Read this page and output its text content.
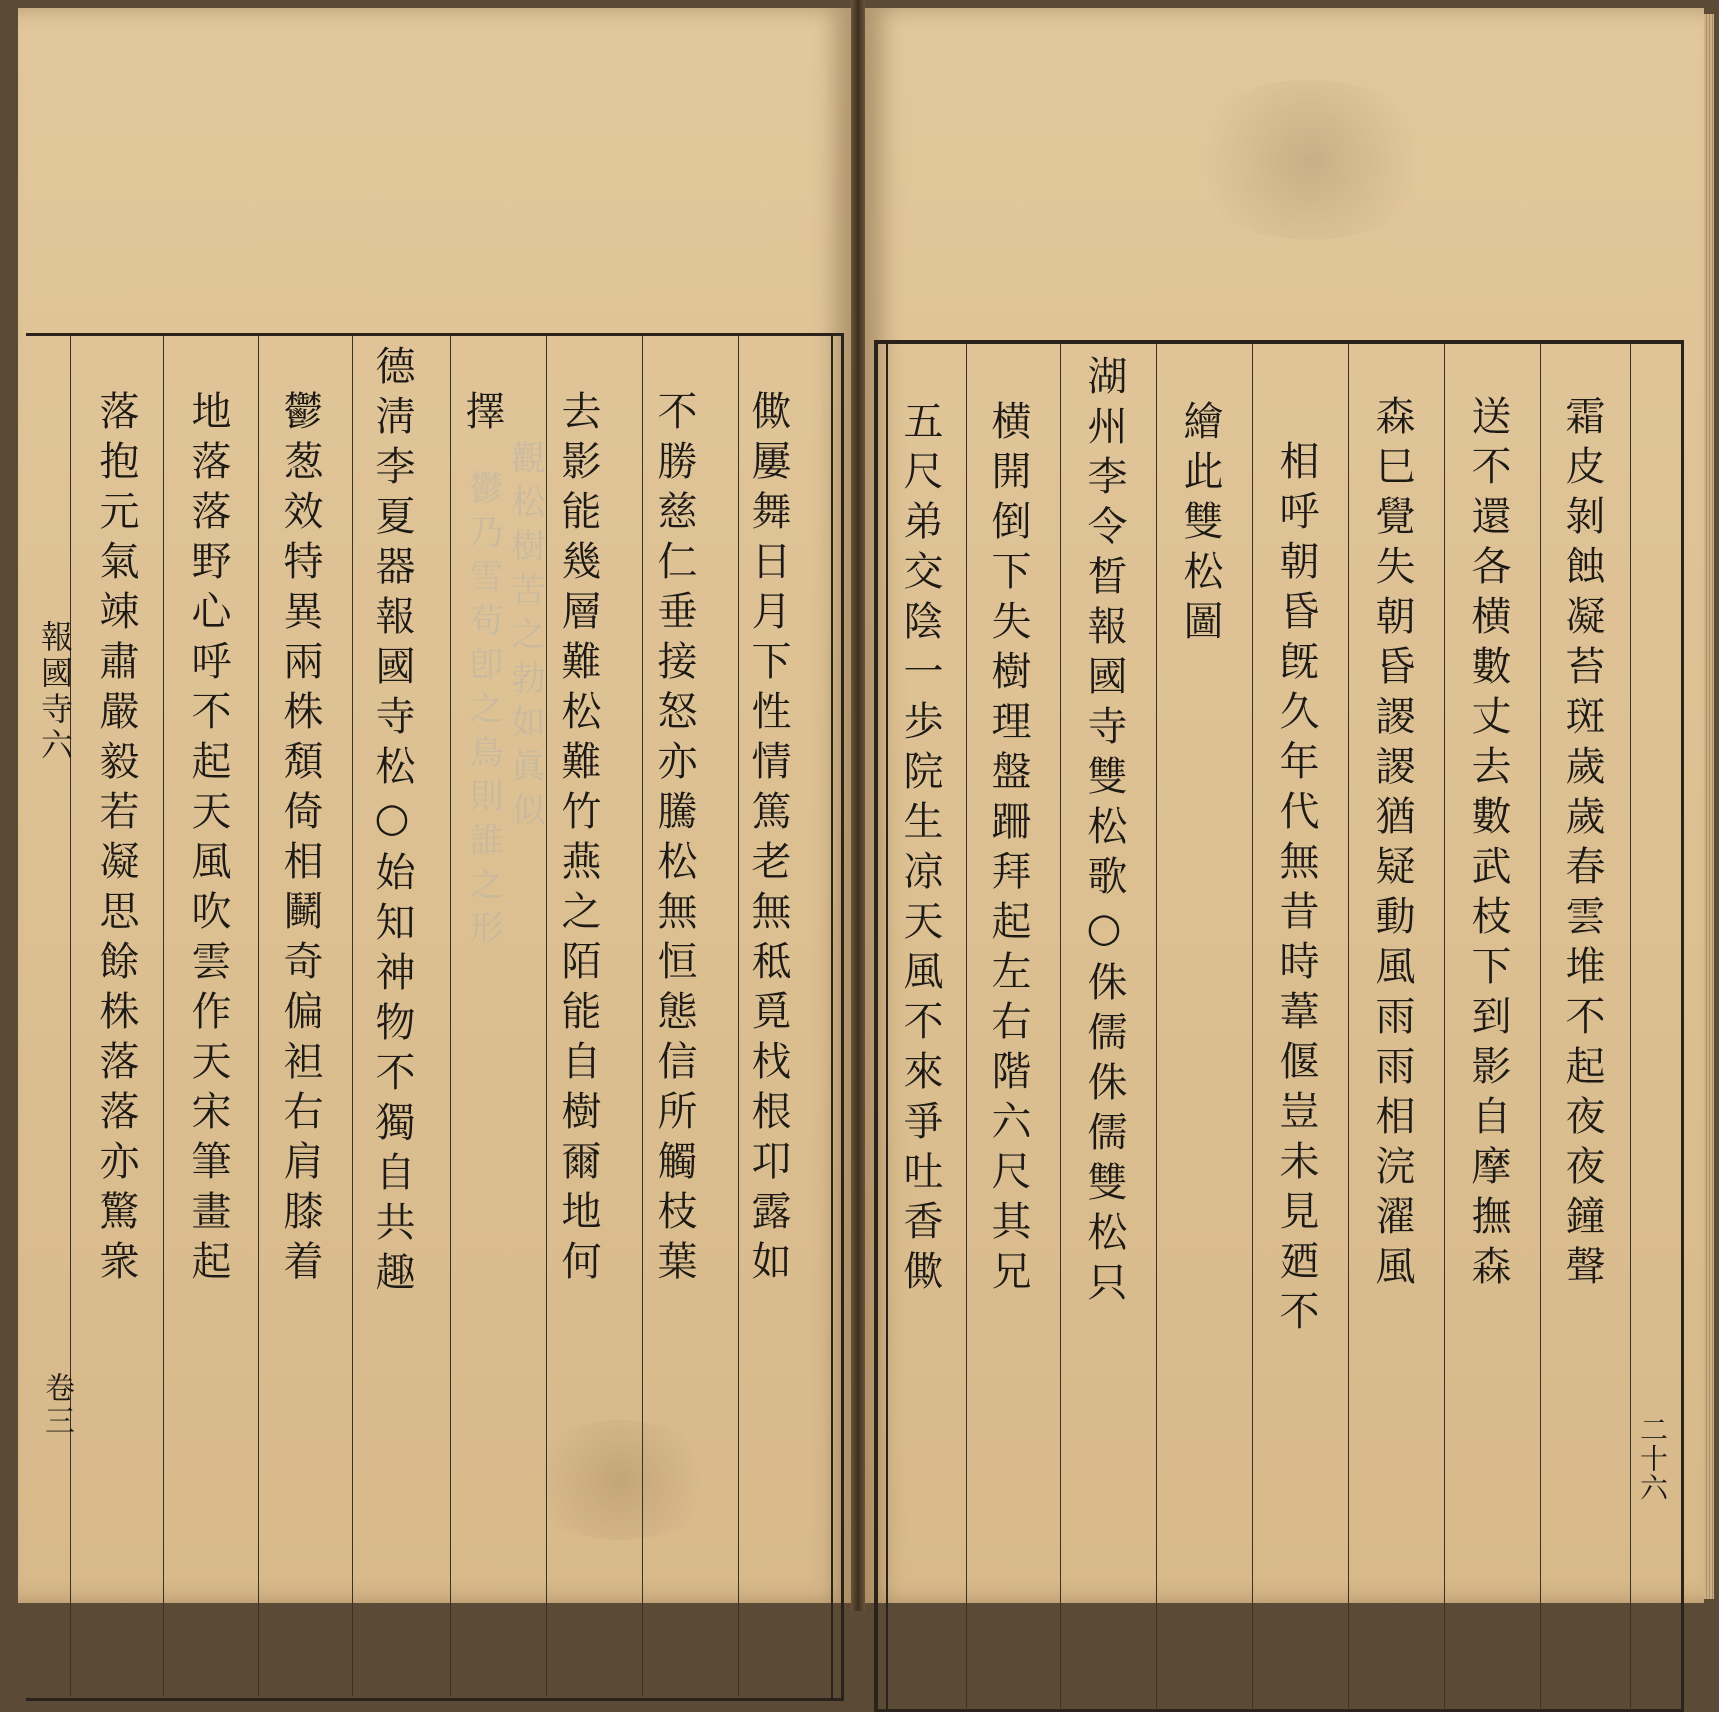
報國寺六
卷三
僛屢舞日月下性情篤老無秪覓𣏾根卭露如
不勝慈仁垂接怒亦騰松無恒態信所觸枝葉
去影能幾層難松難竹燕之陌能自樹爾地何
觀松樹苦之勃如眞似
擇
鬱乃雪苟卽之鳥則誰之形
德淸李夏器報國寺松○始知神物不獨自共趣
鬱葱效特異兩株頽倚相鬭奇偏袒右肩膝着
地落落野心呼不起天風吹雲作天宋筆畫起
落抱元氣竦肅嚴毅若凝思餘株落落亦驚衆
二十六
霜皮剝蝕凝苔斑歲歲春雲堆不起夜夜鐘聲
送不還各横數丈去數武枝下到影自摩撫森
森巳覺失朝昏謖謖猶疑動風雨雨相浣濯風
相呼朝昏旣久年代無昔時葦偃豈未見廼不
繪此雙松圖
湖州李令晳報國寺雙松歌○侏儒侏儒雙松只
横開倒下失樹理盤跚拜起左右階六尺其兄
五尺弟交陰一歩院生凉天風不來爭吐香僛
